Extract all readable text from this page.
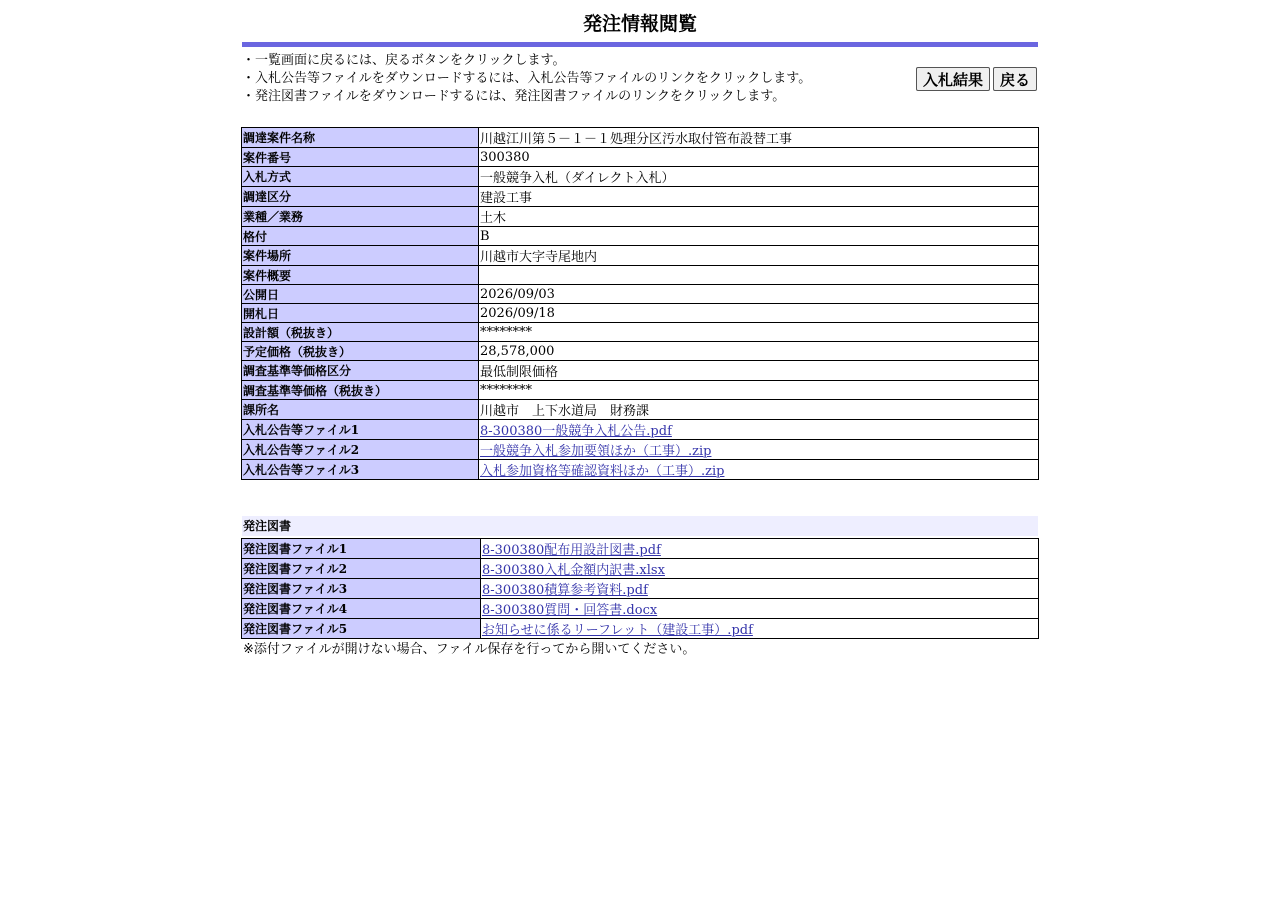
発注情報閲覧
・一覧画面に戻るには、戻るボタンをクリックします。
・入札公告等ファイルをダウンロードするには、入札公告等ファイルのリンクをクリックします。
・発注図書ファイルをダウンロードするには、発注図書ファイルのリンクをクリックします。
入札結果 戻る
調達案件名称	川越江川第５－１－１処理分区汚水取付管布設替工事
案件番号	300380
入札方式	一般競争入札（ダイレクト入札）
調達区分	建設工事
業種／業務	土木
格付	B
案件場所	川越市大字寺尾地内
案件概要	
公開日	2026/09/03
開札日	2026/09/18
設計額（税抜き）	********
予定価格（税抜き）	28,578,000
調査基準等価格区分	最低制限価格
調査基準等価格（税抜き）	********
課所名	川越市　上下水道局　財務課
入札公告等ファイル1	8-300380一般競争入札公告.pdf
入札公告等ファイル2	一般競争入札参加要領ほか（工事）.zip
入札公告等ファイル3	入札参加資格等確認資料ほか（工事）.zip
発注図書
発注図書ファイル1	8-300380配布用設計図書.pdf
発注図書ファイル2	8-300380入札金額内訳書.xlsx
発注図書ファイル3	8-300380積算参考資料.pdf
発注図書ファイル4	8-300380質問・回答書.docx
発注図書ファイル5	お知らせに係るリーフレット（建設工事）.pdf
※添付ファイルが開けない場合、ファイル保存を行ってから開いてください。
